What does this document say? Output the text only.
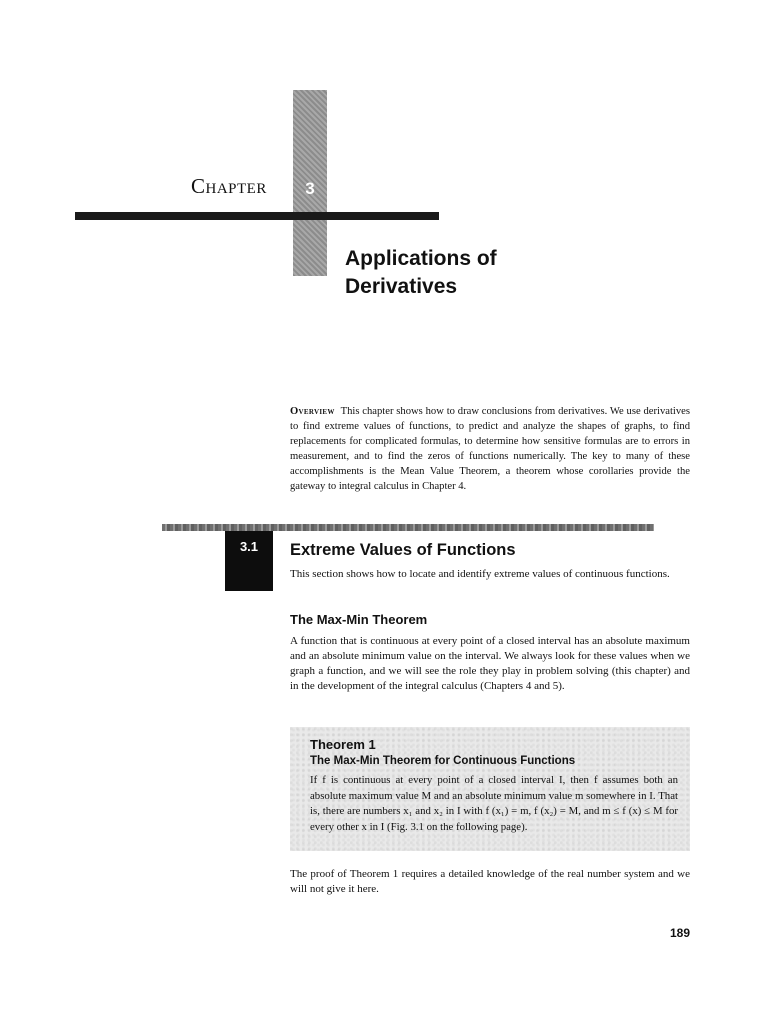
Chapter	3
Applications of
Derivatives
Overview This chapter shows how to draw conclusions from derivatives. We use derivatives to find extreme values of functions, to predict and analyze the shapes of graphs, to find replacements for complicated formulas, to determine how sensitive formulas are to errors in measurement, and to find the zeros of functions numerically. The key to many of these accomplishments is the Mean Value Theorem, a theorem whose corollaries provide the gateway to integral calculus in Chapter 4.
3.1	Extreme Values of Functions
This section shows how to locate and identify extreme values of continuous functions.
The Max-Min Theorem
A function that is continuous at every point of a closed interval has an absolute maximum and an absolute minimum value on the interval. We always look for these values when we graph a function, and we will see the role they play in problem solving (this chapter) and in the development of the integral calculus (Chapters 4 and 5).
Theorem 1
The Max-Min Theorem for Continuous Functions
If f is continuous at every point of a closed interval I, then f assumes both an absolute maximum value M and an absolute minimum value m somewhere in I. That is, there are numbers x₁ and x₂ in I with f (x₁) = m, f (x₂) = M, and m ≤ f (x) ≤ M for every other x in I (Fig. 3.1 on the following page).
The proof of Theorem 1 requires a detailed knowledge of the real number system and we will not give it here.
189
